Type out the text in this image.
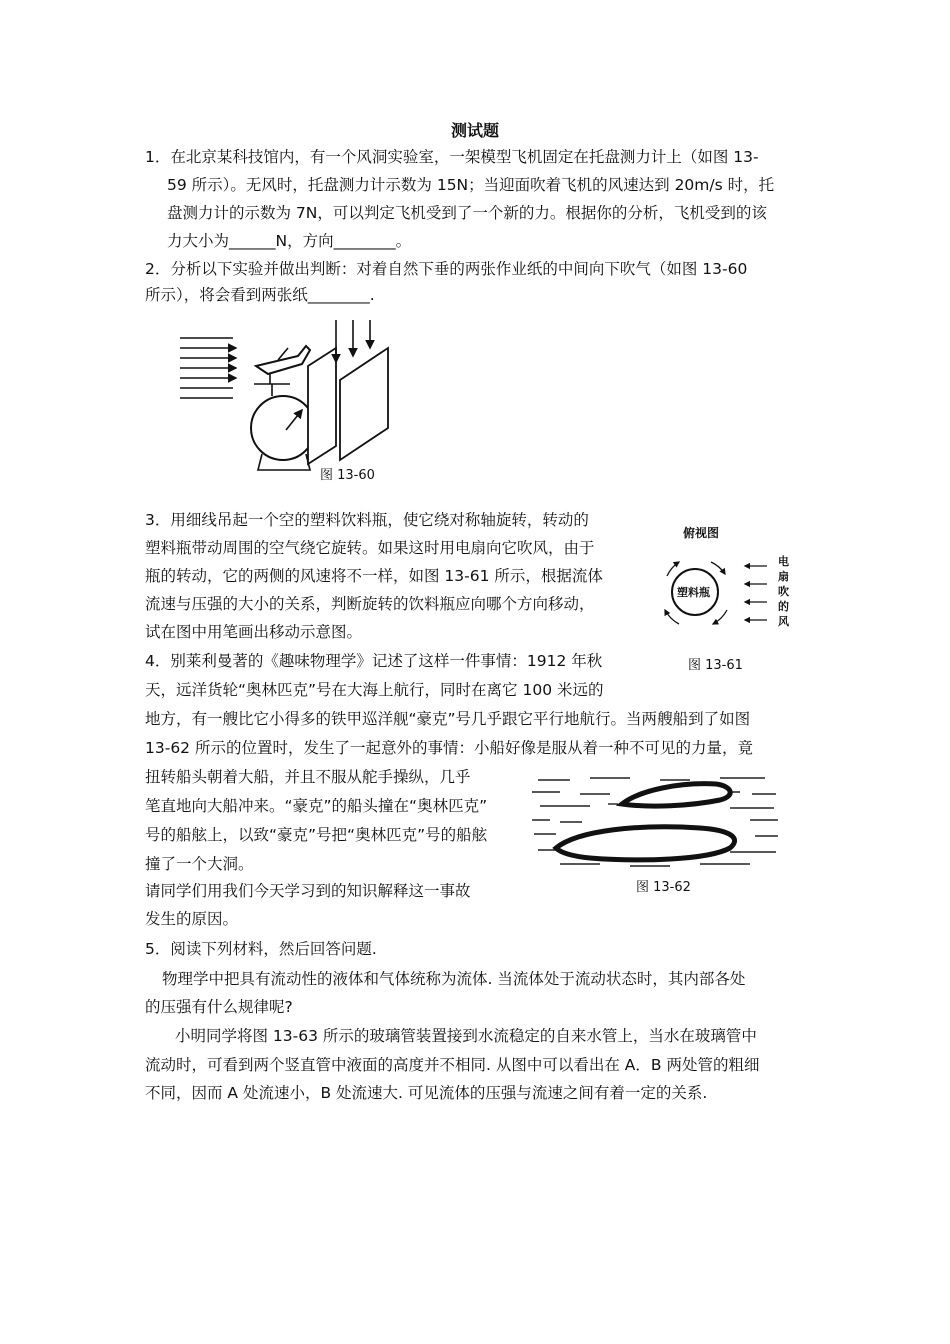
测试题
1．在北京某科技馆内，有一个风洞实验室，一架模型飞机固定在托盘测力计上（如图 13-
59 所示）。无风时，托盘测力计示数为 15N；当迎面吹着飞机的风速达到 20m/s 时，托
盘测力计的示数为 7N，可以判定飞机受到了一个新的力。根据你的分析，飞机受到的该
力大小为______N，方向________。
2．分析以下实验并做出判断：对着自然下垂的两张作业纸的中间向下吹气（如图 13-60
所示），将会看到两张纸________.
图 13-60
3．用细线吊起一个空的塑料饮料瓶，使它绕对称轴旋转，转动的
塑料瓶带动周围的空气绕它旋转。如果这时用电扇向它吹风，由于
瓶的转动，它的两侧的风速将不一样，如图 13-61 所示，根据流体
流速与压强的大小的关系，判断旋转的饮料瓶应向哪个方向移动，
试在图中用笔画出移动示意图。
俯视图
塑料瓶
电
扇
吹
的
风
图 13-61
4．别莱利曼著的《趣味物理学》记述了这样一件事情：1912 年秋
天，远洋货轮“奥林匹克”号在大海上航行，同时在离它 100 米远的
地方，有一艘比它小得多的铁甲巡洋舰“豪克”号几乎跟它平行地航行。当两艘船到了如图
13-62 所示的位置时，发生了一起意外的事情：小船好像是服从着一种不可见的力量，竟
扭转船头朝着大船，并且不服从舵手操纵，几乎
笔直地向大船冲来。“豪克”的船头撞在“奥林匹克”
号的船舷上，以致“豪克”号把“奥林匹克”号的船舷
撞了一个大洞。
请同学们用我们今天学习到的知识解释这一事故
发生的原因。
图 13-62
5．阅读下列材料，然后回答问题.
物理学中把具有流动性的液体和气体统称为流体. 当流体处于流动状态时，其内部各处
的压强有什么规律呢?
小明同学将图 13-63 所示的玻璃管装置接到水流稳定的自来水管上，当水在玻璃管中
流动时，可看到两个竖直管中液面的高度并不相同. 从图中可以看出在 A．B 两处管的粗细
不同，因而 A 处流速小，B 处流速大. 可见流体的压强与流速之间有着一定的关系.
